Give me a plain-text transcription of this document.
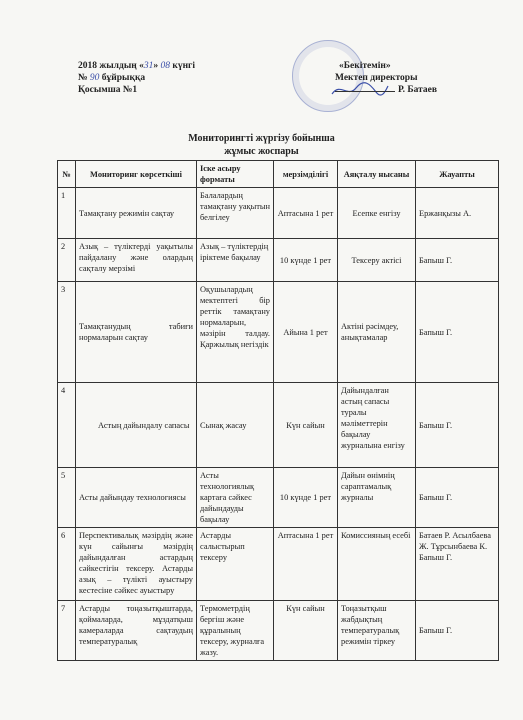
2018 жылдың «31» 08 күнгі
№ 90 бұйрыққа
Қосымша №1
«Бекітемін»
Мектеп директоры
Р. Батаев
Мониторингті жүргізу бойынша
жұмыс жоспары
№	Мониторинг көрсеткіші	Іске асыру форматы	мерзімділігі	Аяқталу нысаны	Жауапты
1	Тамақтану режимін сақтау	Балалардың тамақтану уақытын белгілеу	Аптасына 1 рет	Есепке енгізу	Ержанқызы А.
2	Азық – түліктерді уақытылы пайдалану және олардың сақталу мерзімі	Азық – түліктердің іріктеме бақылау	10 күнде 1 рет	Тексеру актісі	Бапыш Г.
3	Тамақтанудың табиғи нормаларын сақтау	Оқушылардың мектептегі бір реттік тамақтану нормаларын, мәзірін талдау. Қаржылық негіздік	Айына 1 рет	Актіні рәсімдеу, анықтамалар	Бапыш Г.
4	Астың дайындалу сапасы	Сынақ жасау	Күн сайын	Дайындалған астың сапасы туралы мәліметтерін бақылау журналына енгізу	Бапыш Г.
5	Асты дайындау технологиясы	Асты технологиялық картаға сәйкес дайындауды бақылау	10 күнде 1 рет	Дайын өнімнің сараптамалық журналы	Бапыш Г.
6	Перспективалық мәзірдің және күн сайынғы мәзірдің дайындалған астардың сәйкестігін тексеру. Астарды азық – түлікті ауыстыру кестесіне сәйкес ауыстыру	Астарды салыстырып тексеру	Аптасына 1 рет	Комиссияның есебі	Батаев Р. Асылбаева Ж. Тұрсынбаева К. Бапыш Г.
7	Астарды тоңазытқыштарда, қоймаларда, мұздатқыш камераларда сақтаудың температуралық	Термометрдің бергіш және құралының тексеру, журналға жазу.	Күн сайын	Тоңазытқыш жабдықтың температуралық режимін тіркеу	Бапыш Г.
